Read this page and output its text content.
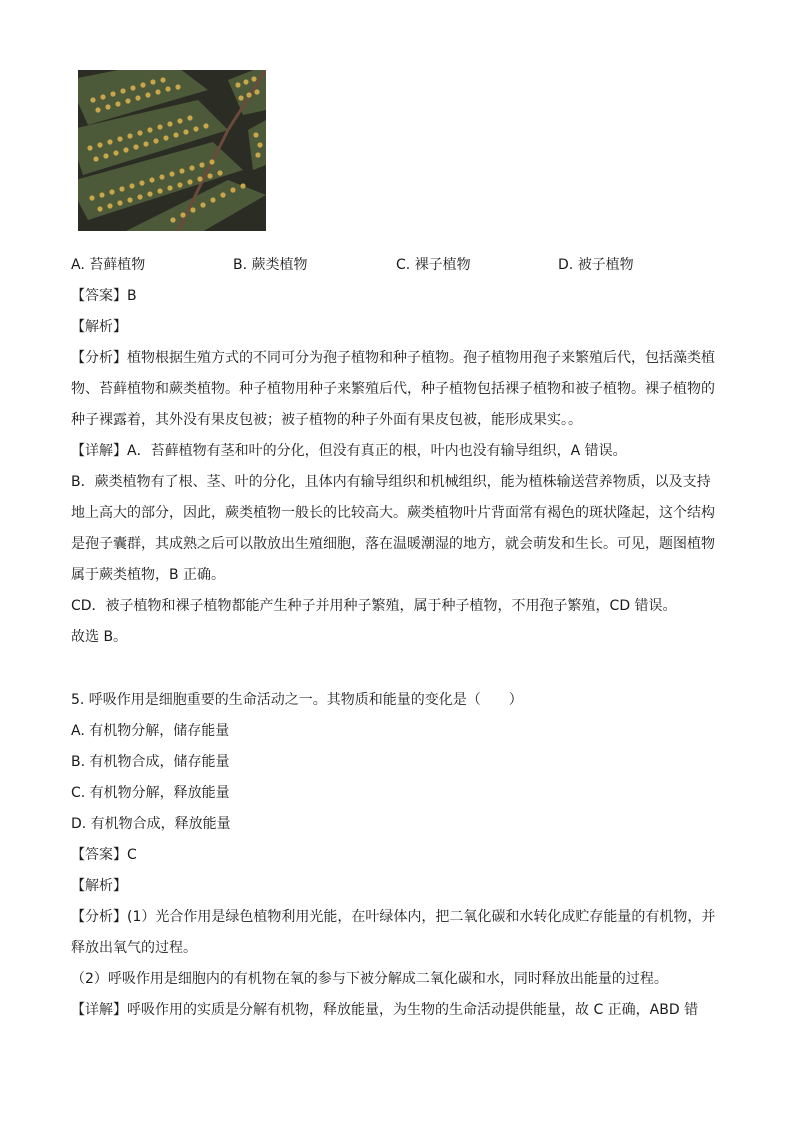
A. 苔藓植物	B. 蕨类植物	C. 裸子植物	D. 被子植物
【答案】B
【解析】
【分析】植物根据生殖方式的不同可分为孢子植物和种子植物。孢子植物用孢子来繁殖后代，包括藻类植
物、苔藓植物和蕨类植物。种子植物用种子来繁殖后代，种子植物包括裸子植物和被子植物。裸子植物的
种子裸露着，其外没有果皮包被；被子植物的种子外面有果皮包被，能形成果实。。
【详解】A．苔藓植物有茎和叶的分化，但没有真正的根，叶内也没有输导组织，A 错误。
B．蕨类植物有了根、茎、叶的分化，且体内有输导组织和机械组织，能为植株输送营养物质，以及支持
地上高大的部分，因此，蕨类植物一般长的比较高大。蕨类植物叶片背面常有褐色的斑状隆起，这个结构
是孢子囊群，其成熟之后可以散放出生殖细胞，落在温暖潮湿的地方，就会萌发和生长。可见，题图植物
属于蕨类植物，B 正确。
CD．被子植物和裸子植物都能产生种子并用种子繁殖，属于种子植物，不用孢子繁殖，CD 错误。
故选 B。
5. 呼吸作用是细胞重要的生命活动之一。其物质和能量的变化是（　　）
A. 有机物分解，储存能量
B. 有机物合成，储存能量
C. 有机物分解，释放能量
D. 有机物合成，释放能量
【答案】C
【解析】
【分析】(1）光合作用是绿色植物利用光能，在叶绿体内，把二氧化碳和水转化成贮存能量的有机物，并
释放出氧气的过程。
（2）呼吸作用是细胞内的有机物在氧的参与下被分解成二氧化碳和水，同时释放出能量的过程。
【详解】呼吸作用的实质是分解有机物，释放能量，为生物的生命活动提供能量，故 C 正确，ABD 错
